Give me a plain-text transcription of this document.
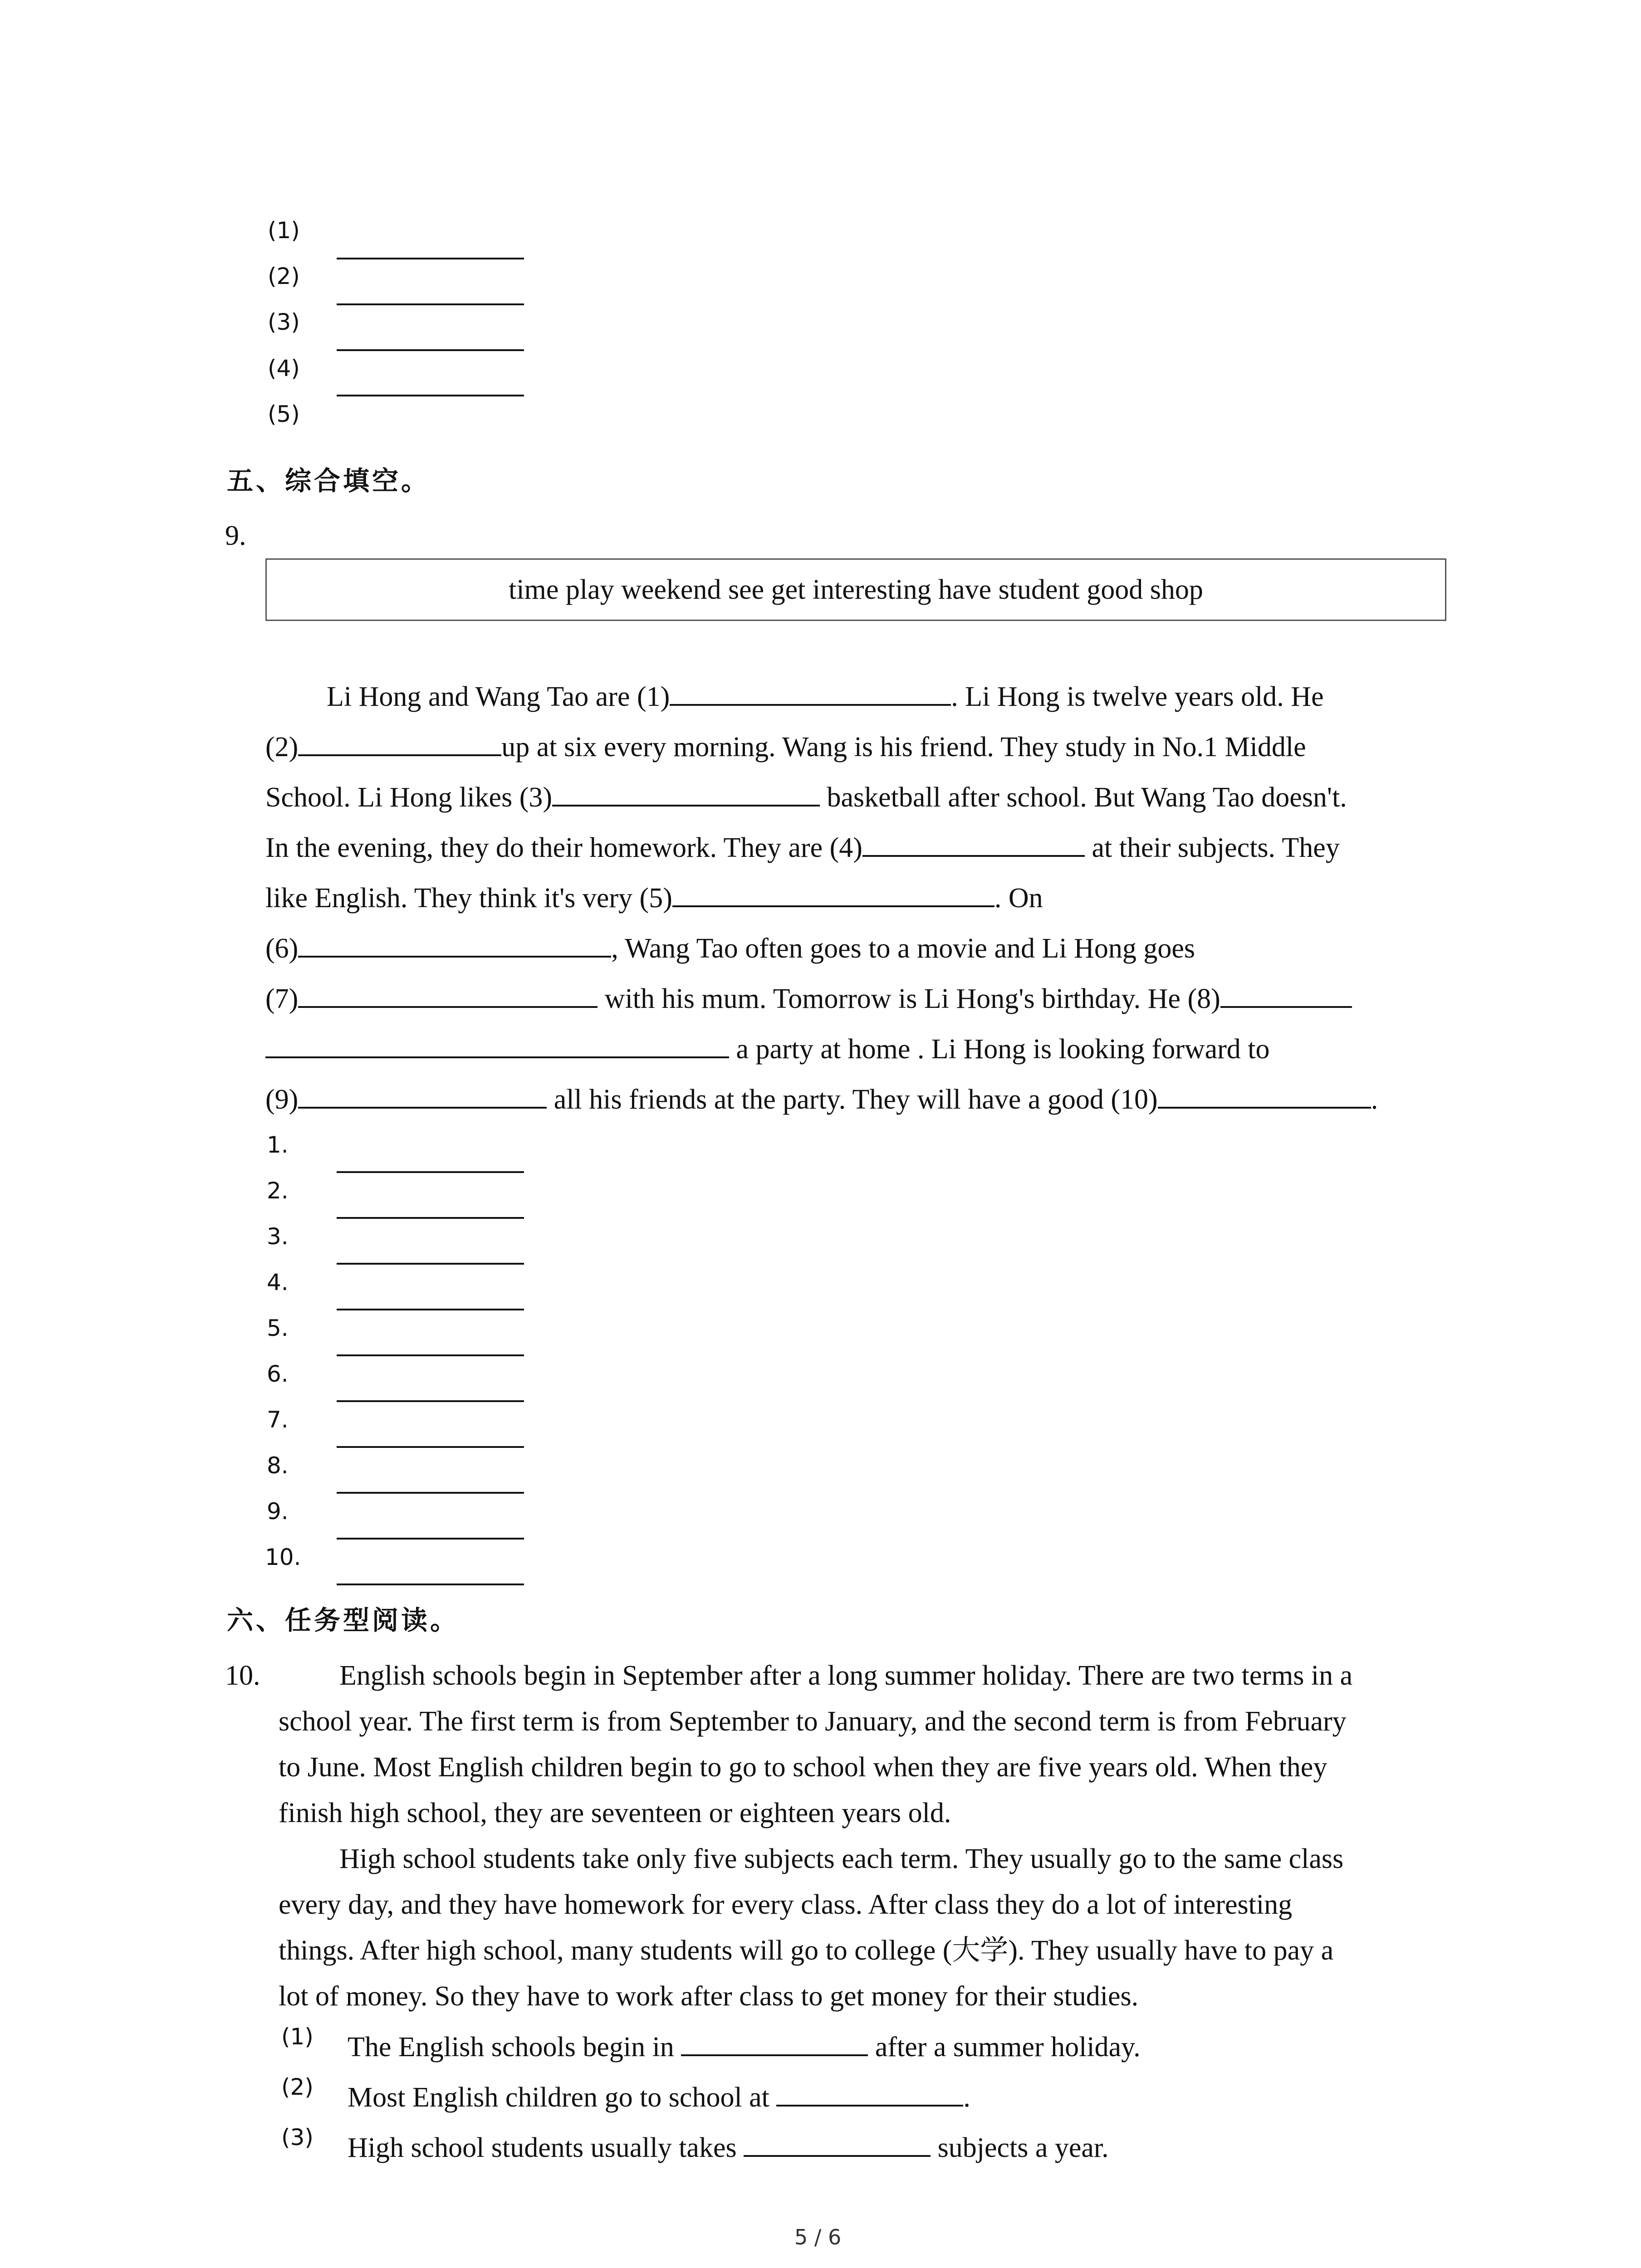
(1)
(2)
(3)
(4)
(5)
五、综合填空。
9.
time play weekend see get interesting have student good shop
Li Hong and Wang Tao are (1)	. Li Hong is twelve years old. He
(2)	up at six every morning. Wang is his friend. They study in No.1 Middle
School. Li Hong likes (3)	basketball after school. But Wang Tao doesn't.
In the evening, they do their homework. They are (4)	at their subjects. They
like English. They think it's very (5)	. On
(6)	, Wang Tao often goes to a movie and Li Hong goes
(7)	with his mum. Tomorrow is Li Hong's birthday. He (8)
a party at home . Li Hong is looking forward to
(9)	all his friends at the party. They will have a good (10)	.
1.
2.
3.
4.
5.
6.
7.
8.
9.
10.
六、任务型阅读。
10.	English schools begin in September after a long summer holiday. There are two terms in a
school year. The first term is from September to January, and the second term is from February
to June. Most English children begin to go to school when they are five years old. When they
finish high school, they are seventeen or eighteen years old.
High school students take only five subjects each term. They usually go to the same class
every day, and they have homework for every class. After class they do a lot of interesting
things. After high school, many students will go to college (大学). They usually have to pay a
lot of money. So they have to work after class to get money for their studies.
(1) The English schools begin in	after a summer holiday.
(2) Most English children go to school at	.
(3) High school students usually takes	subjects a year.
5 / 6
